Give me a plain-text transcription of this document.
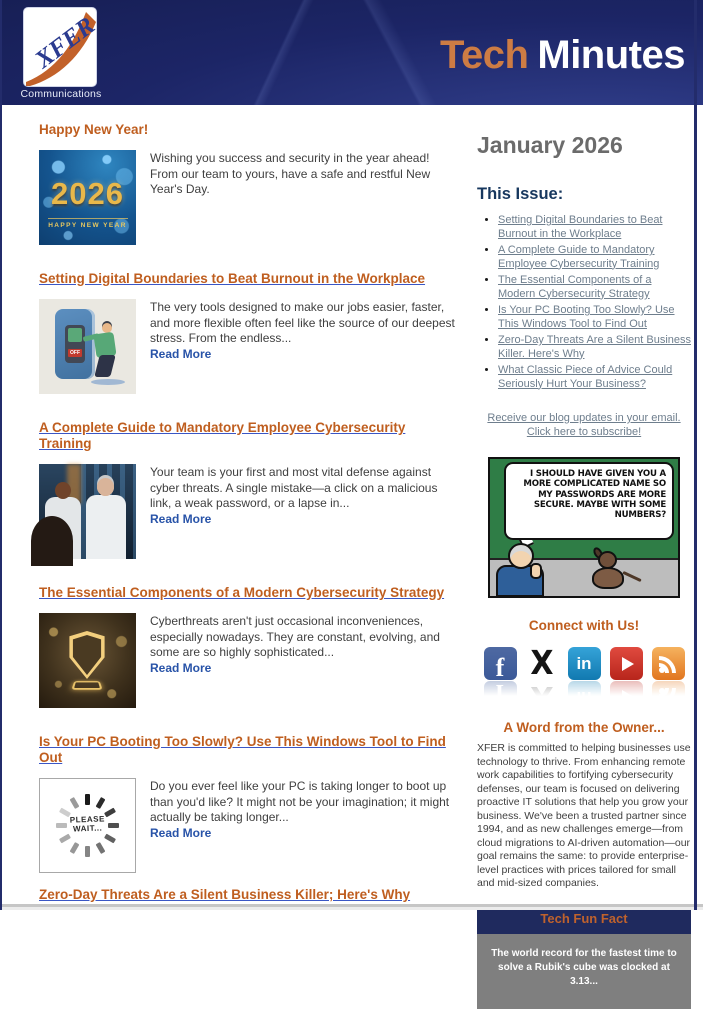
XFER
Communications
Tech Minutes
Happy New Year!
2026
HAPPY NEW YEAR
Wishing you success and security in the year ahead! From our team to yours, have a safe and restful New Year's Day.
Setting Digital Boundaries to Beat Burnout in the Workplace
OFF
The very tools designed to make our jobs easier, faster, and more flexible often feel like the source of our deepest stress. From the endless...
Read More
A Complete Guide to Mandatory Employee Cybersecurity Training
Your team is your first and most vital defense against cyber threats. A single mistake—a click on a malicious link, a weak password, or a lapse in...
Read More
The Essential Components of a Modern Cybersecurity Strategy
Cyberthreats aren't just occasional inconveniences, especially nowadays. They are constant, evolving, and some are so highly sophisticated...
Read More
Is Your PC Booting Too Slowly? Use This Windows Tool to Find Out
PLEASE
WAIT...
Do you ever feel like your PC is taking longer to boot up than you'd like? It might not be your imagination; it might actually be taking longer...
Read More
Zero-Day Threats Are a Silent Business Killer; Here's Why
January 2026
This Issue:
• Setting Digital Boundaries to Beat Burnout in the Workplace
• A Complete Guide to Mandatory Employee Cybersecurity Training
• The Essential Components of a Modern Cybersecurity Strategy
• Is Your PC Booting Too Slowly? Use This Windows Tool to Find Out
• Zero-Day Threats Are a Silent Business Killer. Here's Why
• What Classic Piece of Advice Could Seriously Hurt Your Business?
Receive our blog updates in your email.
Click here to subscribe!
I SHOULD HAVE GIVEN YOU A MORE COMPLICATED NAME SO MY PASSWORDS ARE MORE SECURE. MAYBE WITH SOME NUMBERS?
Connect with Us!
f X in
A Word from the Owner...
XFER is committed to helping businesses use technology to thrive. From enhancing remote work capabilities to fortifying cybersecurity defenses, our team is focused on delivering proactive IT solutions that help you grow your business. We've been a trusted partner since 1994, and as new challenges emerge—from cloud migrations to AI-driven automation—our goal remains the same: to provide enterprise-level practices with prices tailored for small and mid-sized companies.
Tech Fun Fact
The world record for the fastest time to solve a Rubik's cube was clocked at 3.13...
